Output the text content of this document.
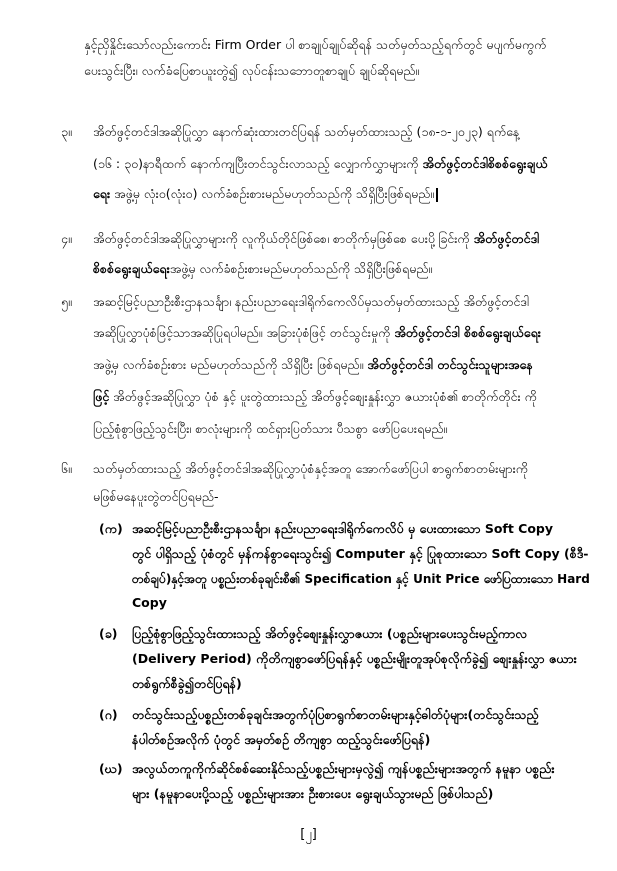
နှင့်ညှိနှိုင်းသော်လည်းကောင်း Firm Order ပါ စာချုပ်ချုပ်ဆိုရန် သတ်မှတ်သည့်ရက်တွင် မပျက်မကွက်
ပေးသွင်းပြီး၊ လက်ခံပြေစာယူးတွဲ၍ လုပ်ငန်းသဘောတူစာချုပ် ချုပ်ဆိုရမည်။
၃။ အိတ်ဖွင့်တင်ဒါအဆိုပြုလွှာ နောက်ဆုံးထားတင်ပြရန် သတ်မှတ်ထားသည့် (၁၈-၁-၂၀၂၃) ရက်နေ့
(၁၆ : ၃၀)နာရီထက် နောက်ကျပြီးတင်သွင်းလာသည့် လျှောက်လွှာများကို အိတ်ဖွင့်တင်ဒါစိစစ်ရွေးချယ်
ရေး အဖွဲ့မှ လုံး၀(လုံး၀) လက်ခံစဉ်းစားမည်မဟုတ်သည်ကို သိရှိပြီးဖြစ်ရမည်။
၄။ အိတ်ဖွင့်တင်ဒါအဆိုပြုလွှာများကို လူကိုယ်တိုင်ဖြစ်စေ၊ စာတိုက်မှဖြစ်စေ ပေးပို့ခြင်းကို အိတ်ဖွင့်တင်ဒါ
စိစစ်ရွေးချယ်ရေးအဖွဲ့မှ လက်ခံစဉ်းစားမည်မဟုတ်သည်ကို သိရှိပြီးဖြစ်ရမည်။
၅။ အဆင့်မြင့်ပညာဦးစီးဌာနသင်္ချာ၊ နည်းပညာရေးဒါရိုက်ကေလိပ်မှသတ်မှတ်ထားသည့် အိတ်ဖွင့်တင်ဒါ
အဆိုပြုလွှာပုံစံဖြင့်သာအဆိုပြုရပါမည်။ အခြားပုံစံဖြင့် တင်သွင်းမှုကို အိတ်ဖွင့်တင်ဒါ စိစစ်ရွေးချယ်ရေး
အဖွဲ့မှ လက်ခံစဉ်းစား မည်မဟုတ်သည်ကို သိရှိပြီး ဖြစ်ရမည်။ အိတ်ဖွင့်တင်ဒါ တင်သွင်းသူများအနေ
ဖြင့် အိတ်ဖွင့်အဆိုပြုလွှာ ပုံစံ နှင့် ပူးတွဲထားသည့် အိတ်ဖွင့်စျေးနှုန်းလွှာ ဇယားပုံစံ၏ စာတိုက်တိုင်း ကို
ပြည့်စုံစွာဖြည့်သွင်းပြီး၊ စာလုံးများကို ထင်ရှားပြတ်သား ပီသစွာ ဖော်ပြပေးရမည်။
၆။ သတ်မှတ်ထားသည့် အိတ်ဖွင့်တင်ဒါအဆိုပြုလွှာပုံစံနှင့်အတူ အောက်ဖော်ပြပါ စာရွက်စာတမ်းများကို
မဖြစ်မနေပူးတွဲတင်ပြရမည်-
(က) အဆင့်မြင့်ပညာဦးစီးဌာနသင်္ချာ၊ နည်းပညာရေးဒါရိုက်ကေလိပ် မှ ပေးထားသော Soft Copy
တွင် ပါရှိသည့် ပုံစံတွင် မှန်ကန်စွာရေးသွင်း၍ Computer နှင့် ပြုစုထားသော Soft Copy (စီဒီ-
တစ်ချပ်)နှင့်အတူ ပစ္စည်းတစ်ခုချင်းစီ၏ Specification နှင့် Unit Price ဖော်ပြထားသော Hard
Copy
(ခ) ပြည့်စုံစွာဖြည့်သွင်းထားသည့် အိတ်ဖွင့်စျေးနှုန်းလွှာဇယား (ပစ္စည်းများပေးသွင်းမည့်ကာလ
(Delivery Period) ကိုတိကျစွာဖော်ပြရန်နှင့် ပစ္စည်းမျိုးတူအုပ်စုလိုက်ခွဲ၍ စျေးနှုန်းလွှာ ဇယား
တစ်ရွက်စီခွဲ၍တင်ပြရန်)
(ဂ) တင်သွင်းသည့်ပစ္စည်းတစ်ခုချင်းအတွက်ပုံပြစာရွက်စာတမ်းများနှင့်ဓါတ်ပုံများ(တင်သွင်းသည့်
နံပါတ်စဉ်အလိုက် ပုံတွင် အမှတ်စဉ် တိကျစွာ ထည့်သွင်းဖော်ပြရန်)
(ဃ) အလွယ်တကူကိုက်ဆိုင်စစ်ဆေးနိုင်သည့်ပစ္စည်းများမှလွဲ၍ ကျန်ပစ္စည်းများအတွက် နမူနာ ပစ္စည်း
များ (နမူနာပေးပို့သည့် ပစ္စည်းများအား ဦးစားပေး ရွေးချယ်သွားမည် ဖြစ်ပါသည်)
[၂]
